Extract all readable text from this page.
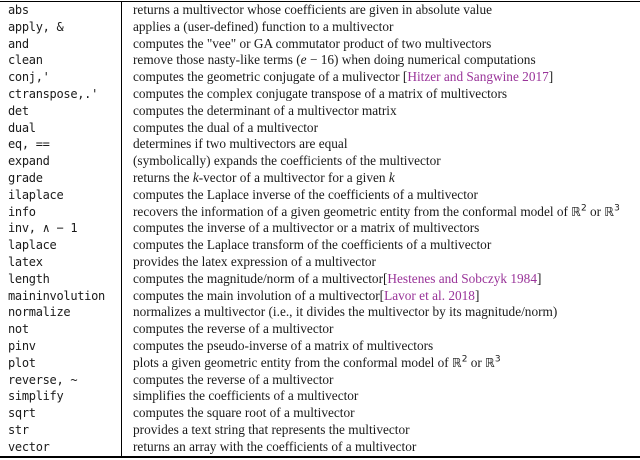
abs	returns a multivector whose coefficients are given in absolute value
apply, &	applies a (user-defined) function to a multivector
and	computes the "vee" or GA commutator product of two multivectors
clean	remove those nasty-like terms (e − 16) when doing numerical computations
conj,'	computes the geometric conjugate of a mulivector [Hitzer and Sangwine 2017]
ctranspose,.'	computes the complex conjugate transpose of a matrix of multivectors
det	computes the determinant of a multivector matrix
dual	computes the dual of a multivector
eq, ==	determines if two multivectors are equal
expand	(symbolically) expands the coefficients of the multivector
grade	returns the k-vector of a multivector for a given k
ilaplace	computes the Laplace inverse of the coefficients of a multivector
info	recovers the information of a given geometric entity from the conformal model of ℝ$^2$ or ℝ$^3$
inv, ∧ − 1	computes the inverse of a multivector or a matrix of multivectors
laplace	computes the Laplace transform of the coefficients of a multivector
latex	provides the latex expression of a multivector
length	computes the magnitude/norm of a multivector[Hestenes and Sobczyk 1984]
maininvolution	computes the main involution of a multivector[Lavor et al. 2018]
normalize	normalizes a multivector (i.e., it divides the multivector by its magnitude/norm)
not	computes the reverse of a multivector
pinv	computes the pseudo-inverse of a matrix of multivectors
plot	plots a given geometric entity from the conformal model of ℝ$^2$ or ℝ$^3$
reverse, ~	computes the reverse of a multivector
simplify	simplifies the coefficients of a multivector
sqrt	computes the square root of a multivector
str	provides a text string that represents the multivector
vector	returns an array with the coefficients of a multivector
